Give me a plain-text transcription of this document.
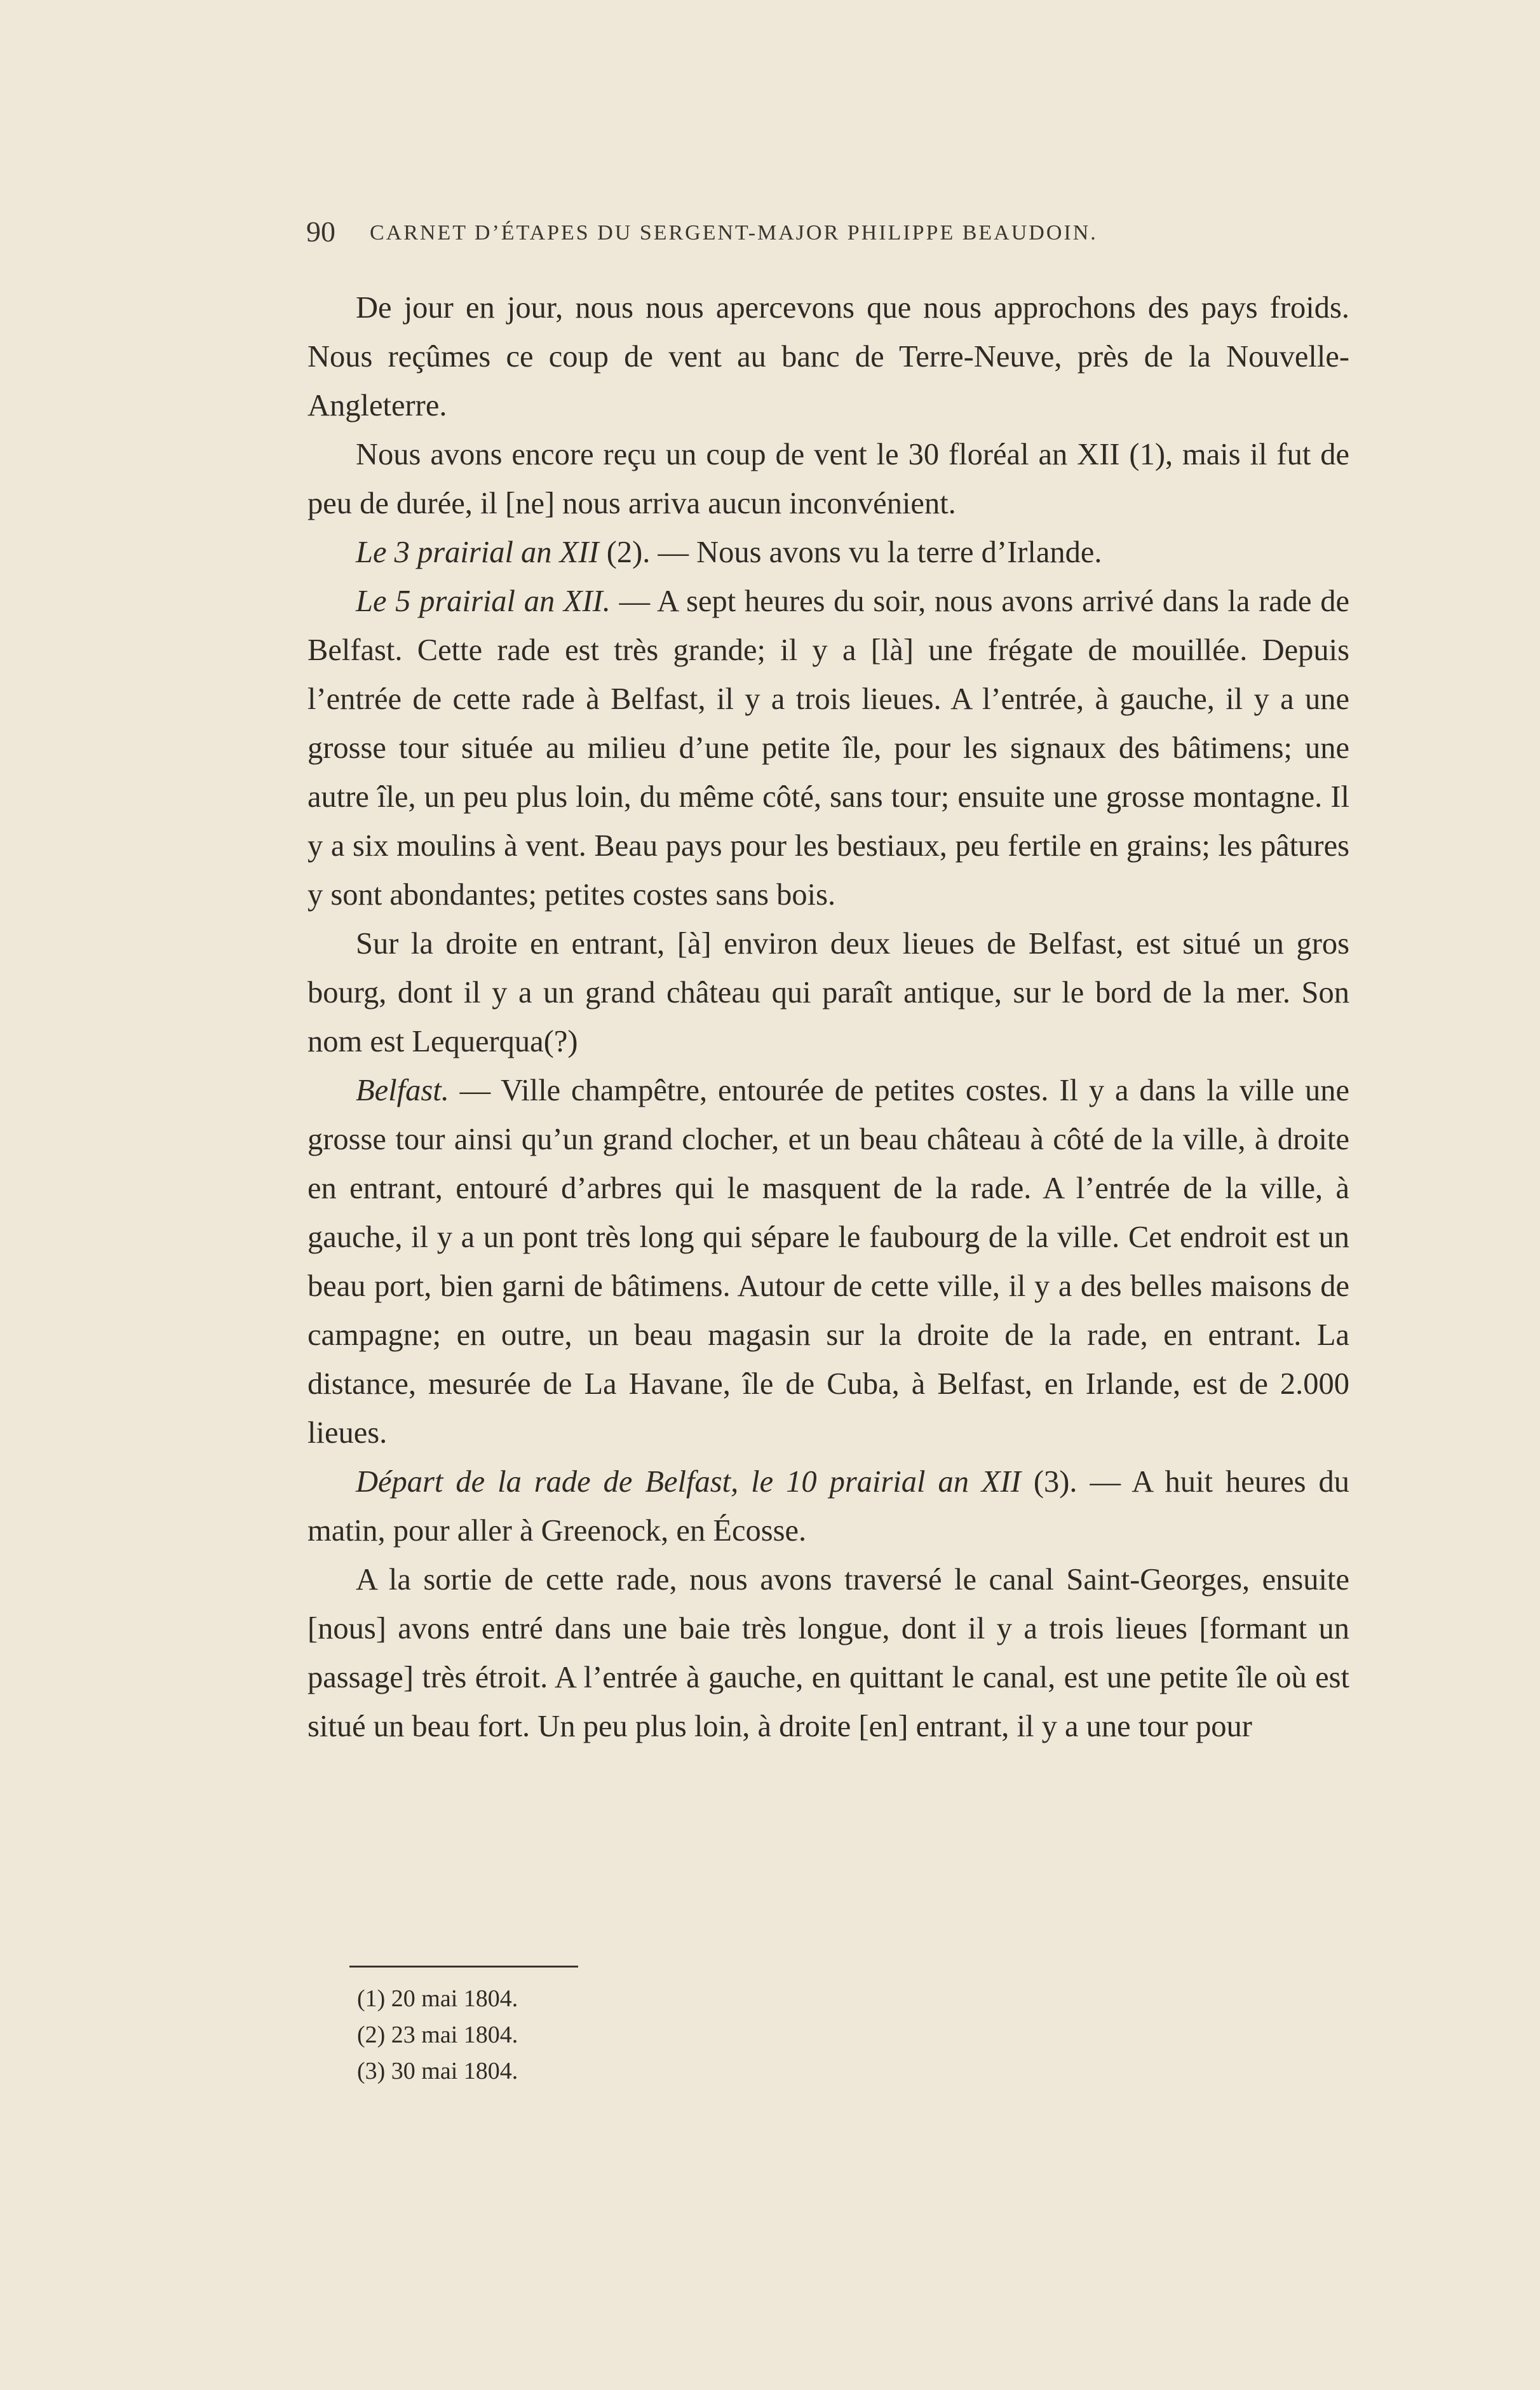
90 CARNET D’ÉTAPES DU SERGENT-MAJOR PHILIPPE BEAUDOIN.

De jour en jour, nous nous apercevons que nous approchons des pays froids. Nous reçûmes ce coup de vent au banc de Terre-Neuve, près de la Nouvelle-Angleterre.

Nous avons encore reçu un coup de vent le 30 floréal an XII (1), mais il fut de peu de durée, il [ne] nous arriva aucun inconvénient.

Le 3 prairial an XII (2). — Nous avons vu la terre d’Irlande.

Le 5 prairial an XII. — A sept heures du soir, nous avons arrivé dans la rade de Belfast. Cette rade est très grande; il y a [là] une frégate de mouillée. Depuis l’entrée de cette rade à Belfast, il y a trois lieues. A l’entrée, à gauche, il y a une grosse tour située au milieu d’une petite île, pour les signaux des bâtimens; une autre île, un peu plus loin, du même côté, sans tour; ensuite une grosse montagne. Il y a six moulins à vent. Beau pays pour les bestiaux, peu fertile en grains; les pâtures y sont abondantes; petites costes sans bois.

Sur la droite en entrant, [à] environ deux lieues de Belfast, est situé un gros bourg, dont il y a un grand château qui paraît antique, sur le bord de la mer. Son nom est Lequerqua(?)

Belfast. — Ville champêtre, entourée de petites costes. Il y a dans la ville une grosse tour ainsi qu’un grand clocher, et un beau château à côté de la ville, à droite en entrant, entouré d’arbres qui le masquent de la rade. A l’entrée de la ville, à gauche, il y a un pont très long qui sépare le faubourg de la ville. Cet endroit est un beau port, bien garni de bâtimens. Autour de cette ville, il y a des belles maisons de campagne; en outre, un beau magasin sur la droite de la rade, en entrant. La distance, mesurée de La Havane, île de Cuba, à Belfast, en Irlande, est de 2.000 lieues.

Départ de la rade de Belfast, le 10 prairial an XII (3). — A huit heures du matin, pour aller à Greenock, en Écosse.

A la sortie de cette rade, nous avons traversé le canal Saint-Georges, ensuite [nous] avons entré dans une baie très longue, dont il y a trois lieues [formant un passage] très étroit. A l’entrée à gauche, en quittant le canal, est une petite île où est situé un beau fort. Un peu plus loin, à droite [en] entrant, il y a une tour pour

(1) 20 mai 1804.
(2) 23 mai 1804.
(3) 30 mai 1804.
